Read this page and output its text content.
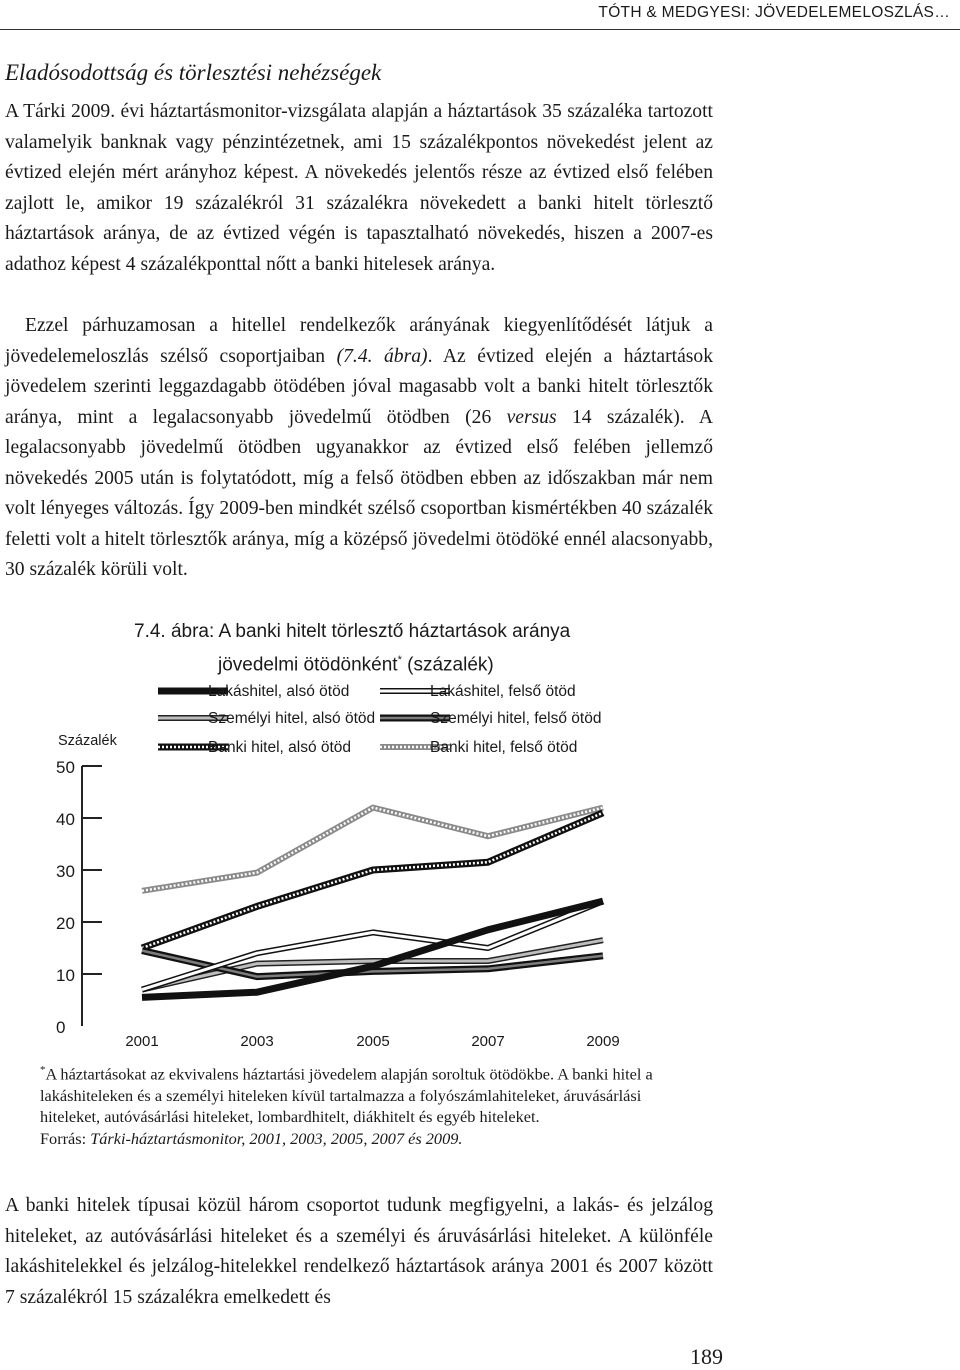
TÓTH & MEDGYESI: JÖVEDELEMELOSZLÁS…
Eladósodottság és törlesztési nehézségek

A Tárki 2009. évi háztartásmonitor-vizsgálata alapján a háztartások 35 százaléka tartozott valamelyik banknak vagy pénzintézetnek, ami 15 százalékpontos növekedést jelent az évtized elején mért arányhoz képest. A növekedés jelentős része az évtized első felében zajlott le, amikor 19 százalékról 31 százalékra növekedett a banki hitelt törlesztő háztartások aránya, de az évtized végén is tapasztalható növekedés, hiszen a 2007-es adathoz képest 4 százalékponttal nőtt a banki hitelesek aránya.

Ezzel párhuzamosan a hitellel rendelkezők arányának kiegyenlítődését látjuk a jövedelemeloszlás szélső csoportjaiban (7.4. ábra). Az évtized elején a háztartások jövedelem szerinti leggazdagabb ötödében jóval magasabb volt a banki hitelt törlesztők aránya, mint a legalacsonyabb jövedelmű ötödben (26 versus 14 százalék). A legalacsonyabb jövedelmű ötödben ugyanakkor az évtized első felében jellemző növekedés 2005 után is folytatódott, míg a felső ötödben ebben az időszakban már nem volt lényeges változás. Így 2009-ben mindkét szélső csoportban kismértékben 40 százalék feletti volt a hitelt törlesztők aránya, míg a középső jövedelmi ötödöké ennél alacsonyabb, 30 százalék körüli volt.

7.4. ábra: A banki hitelt törlesztő háztartások aránya
jövedelmi ötödönként* (százalék)
Lakáshitel, alsó ötöd	Lakáshitel, felső ötöd
Személyi hitel, alsó ötöd	Személyi hitel, felső ötöd
Banki hitel, alsó ötöd	Banki hitel, felső ötöd
Százalék
0
10
20
30
40
50
2001	2003	2005	2007	2009

*A háztartásokat az ekvivalens háztartási jövedelem alapján soroltuk ötödökbe. A banki hitel a lakáshiteleken és a személyi hiteleken kívül tartalmazza a folyószámlahiteleket, áruvásárlási hiteleket, autóvásárlási hiteleket, lombardhitelt, diákhitelt és egyéb hiteleket.

Forrás: Tárki-háztartásmonitor, 2001, 2003, 2005, 2007 és 2009.

A banki hitelek típusai közül három csoportot tudunk megfigyelni, a lakás- és jelzálog hiteleket, az autóvásárlási hiteleket és a személyi és áruvásárlási hiteleket. A különféle lakáshitelekkel és jelzálog-hitelekkel rendelkező háztartások aránya 2001 és 2007 között 7 százalékról 15 százalékra emelkedett és

189
